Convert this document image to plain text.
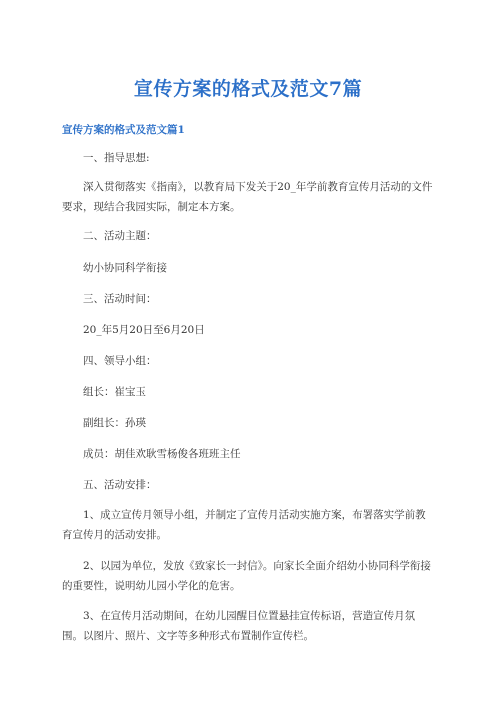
宣传方案的格式及范文7篇
宣传方案的格式及范文篇1

一、指导思想:

深入贯彻落实《指南》，以教育局下发关于20_年学前教育宣传月活动的文件要求，现结合我园实际，制定本方案。

二、活动主题：

幼小协同科学衔接

三、活动时间：

20_年5月20日至6月20日

四、领导小组：

组长：崔宝玉

副组长：孙瑛

成员：胡佳欢耿雪杨俊各班班主任

五、活动安排：

1、成立宣传月领导小组，并制定了宣传月活动实施方案，布署落实学前教育宣传月的活动安排。

2、以园为单位，发放《致家长一封信》。向家长全面介绍幼小协同科学衔接的重要性，说明幼儿园小学化的危害。

3、在宣传月活动期间，在幼儿园醒目位置悬挂宣传标语，营造宣传月氛围。以图片、照片、文字等多种形式布置制作宣传栏。
